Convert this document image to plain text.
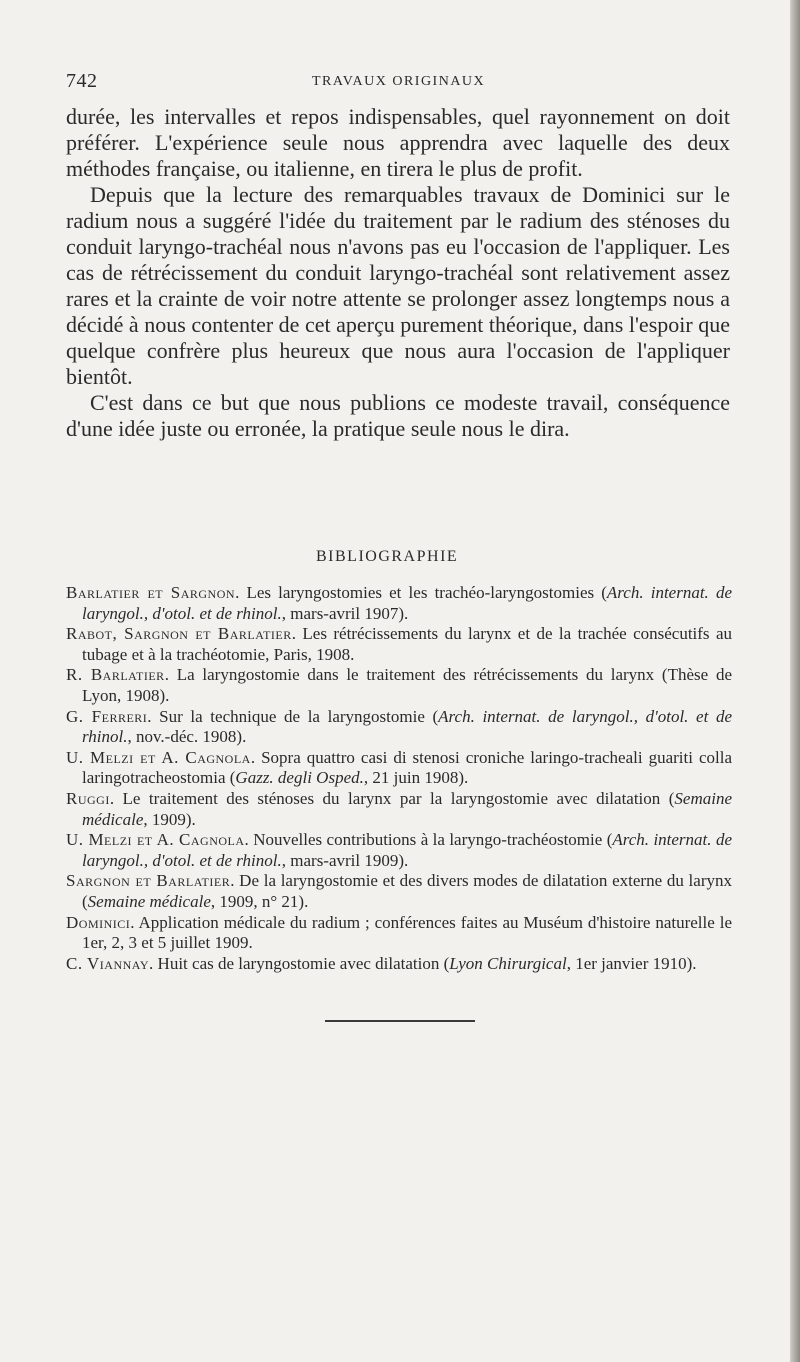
742	TRAVAUX ORIGINAUX

durée, les intervalles et repos indispensables, quel rayonnement on doit préférer. L'expérience seule nous apprendra avec laquelle des deux méthodes française, ou italienne, en tirera le plus de profit.

Depuis que la lecture des remarquables travaux de Dominici sur le radium nous a suggéré l'idée du traitement par le radium des sténoses du conduit laryngo-trachéal nous n'avons pas eu l'occasion de l'appliquer. Les cas de rétrécissement du conduit laryngo-trachéal sont relativement assez rares et la crainte de voir notre attente se prolonger assez longtemps nous a décidé à nous contenter de cet aperçu purement théorique, dans l'espoir que quelque confrère plus heureux que nous aura l'occasion de l'appliquer bientôt.

C'est dans ce but que nous publions ce modeste travail, conséquence d'une idée juste ou erronée, la pratique seule nous le dira.

BIBLIOGRAPHIE
Barlatier et Sargnon. Les laryngostomies et les trachéo-laryngostomies (Arch. internat. de laryngol., d'otol. et de rhinol., mars-avril 1907).
Rabot, Sargnon et Barlatier. Les rétrécissements du larynx et de la trachée consécutifs au tubage et à la trachéotomie, Paris, 1908.
R. Barlatier. La laryngostomie dans le traitement des rétrécissements du larynx (Thèse de Lyon, 1908).
G. Ferreri. Sur la technique de la laryngostomie (Arch. internat. de laryngol., d'otol. et de rhinol., nov.-déc. 1908).
U. Melzi et A. Cagnola. Sopra quattro casi di stenosi croniche laringo-tracheali guariti colla laringotracheostomia (Gazz. degli Osped., 21 juin 1908).
Ruggi. Le traitement des sténoses du larynx par la laryngostomie avec dilatation (Semaine médicale, 1909).
U. Melzi et A. Cagnola. Nouvelles contributions à la laryngo-trachéostomie (Arch. internat. de laryngol., d'otol. et de rhinol., mars-avril 1909).
Sargnon et Barlatier. De la laryngostomie et des divers modes de dilatation externe du larynx (Semaine médicale, 1909, n° 21).
Dominici. Application médicale du radium ; conférences faites au Muséum d'histoire naturelle le 1er, 2, 3 et 5 juillet 1909.
C. Viannay. Huit cas de laryngostomie avec dilatation (Lyon Chirurgical, 1er janvier 1910).
